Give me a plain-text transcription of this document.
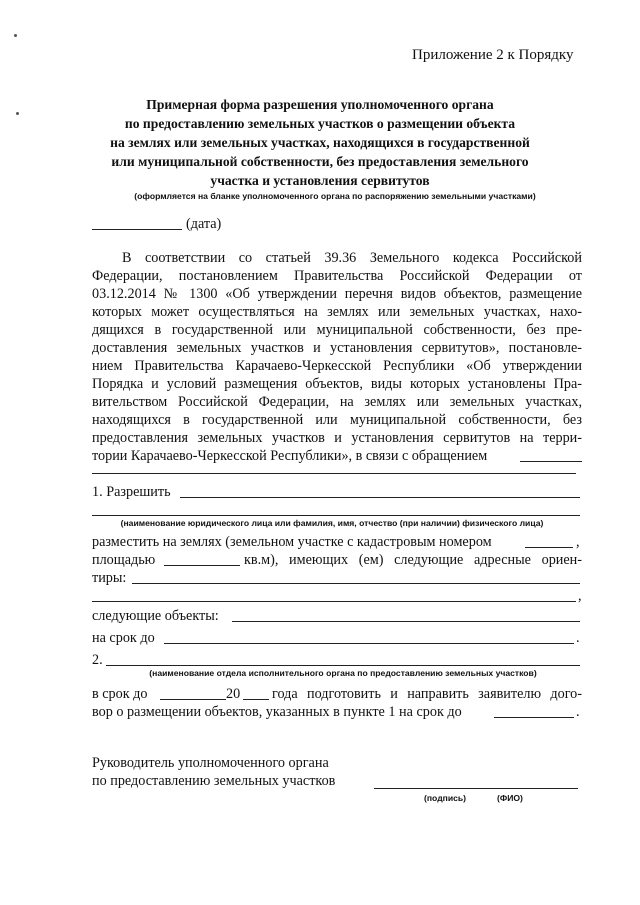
Приложение 2 к Порядку
Примерная форма разрешения уполномоченного органа
по предоставлению земельных участков о размещении объекта
на землях или земельных участках, находящихся в государственной
или муниципальной собственности, без предоставления земельного
участка и установления сервитутов
(оформляется на бланке уполномоченного органа по распоряжению земельными участками)
(дата)
В соответствии со статьей 39.36 Земельного кодекса Российской
Федерации, постановлением Правительства Российской Федерации от
03.12.2014 № 1300 «Об утверждении перечня видов объектов, размещение
которых может осуществляться на землях или земельных участках, нахо-
дящихся в государственной или муниципальной собственности, без пре-
доставления земельных участков и установления сервитутов», постановле-
нием Правительства Карачаево-Черкесской Республики «Об утверждении
Порядка и условий размещения объектов, виды которых установлены Пра-
вительством Российской Федерации, на землях или земельных участках,
находящихся в государственной или муниципальной собственности, без
предоставления земельных участков и установления сервитутов на терри-
тории Карачаево-Черкесской Республики», в связи с обращением
1. Разрешить
(наименование юридического лица или фамилия, имя, отчество (при наличии) физического лица)
разместить на землях (земельном участке с кадастровым номером	,
площадью	кв.м), имеющих (ем) следующие адресные ориен-
тиры:
,
следующие объекты:
на срок до	.
2.
(наименование отдела исполнительного органа по предоставлению земельных участков)
в срок до	20 года подготовить и направить заявителю дого-
вор о размещении объектов, указанных в пункте 1 на срок до	.
Руководитель уполномоченного органа
по предоставлению земельных участков
(подпись)	(ФИО)
